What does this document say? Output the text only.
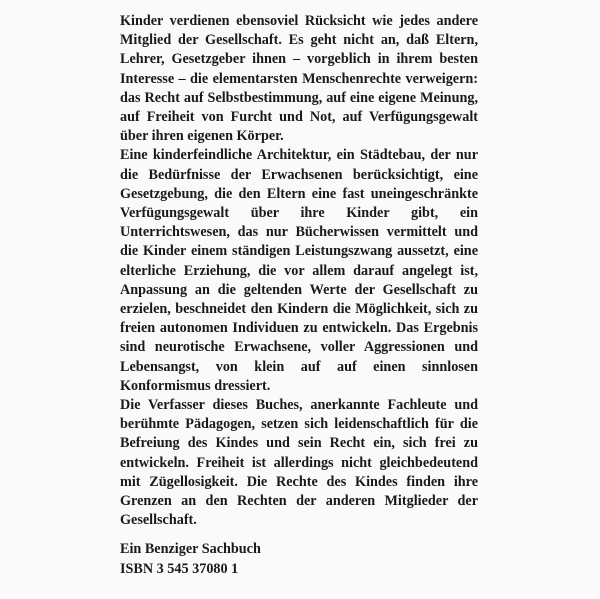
Kinder verdienen ebensoviel Rücksicht wie jedes andere Mitglied der Gesellschaft. Es geht nicht an, daß Eltern, Lehrer, Gesetzgeber ihnen – vorgeblich in ihrem besten Interesse – die elementarsten Menschenrechte verweigern: das Recht auf Selbstbestimmung, auf eine eigene Meinung, auf Freiheit von Furcht und Not, auf Verfügungsgewalt über ihren eigenen Körper.

Eine kinderfeindliche Architektur, ein Städtebau, der nur die Bedürfnisse der Erwachsenen berücksichtigt, eine Gesetzgebung, die den Eltern eine fast uneingeschränkte Verfügungsgewalt über ihre Kinder gibt, ein Unterrichtswesen, das nur Bücherwissen vermittelt und die Kinder einem ständigen Leistungszwang aussetzt, eine elterliche Erziehung, die vor allem darauf angelegt ist, Anpassung an die geltenden Werte der Gesellschaft zu erzielen, beschneidet den Kindern die Möglichkeit, sich zu freien autonomen Individuen zu entwickeln. Das Ergebnis sind neurotische Erwachsene, voller Aggressionen und Lebensangst, von klein auf auf einen sinnlosen Konformismus dressiert.

Die Verfasser dieses Buches, anerkannte Fachleute und berühmte Pädagogen, setzen sich leidenschaftlich für die Befreiung des Kindes und sein Recht ein, sich frei zu entwickeln. Freiheit ist allerdings nicht gleichbedeutend mit Zügellosigkeit. Die Rechte des Kindes finden ihre Grenzen an den Rechten der anderen Mitglieder der Gesellschaft.

Ein Benziger Sachbuch
ISBN 3 545 37080 1
